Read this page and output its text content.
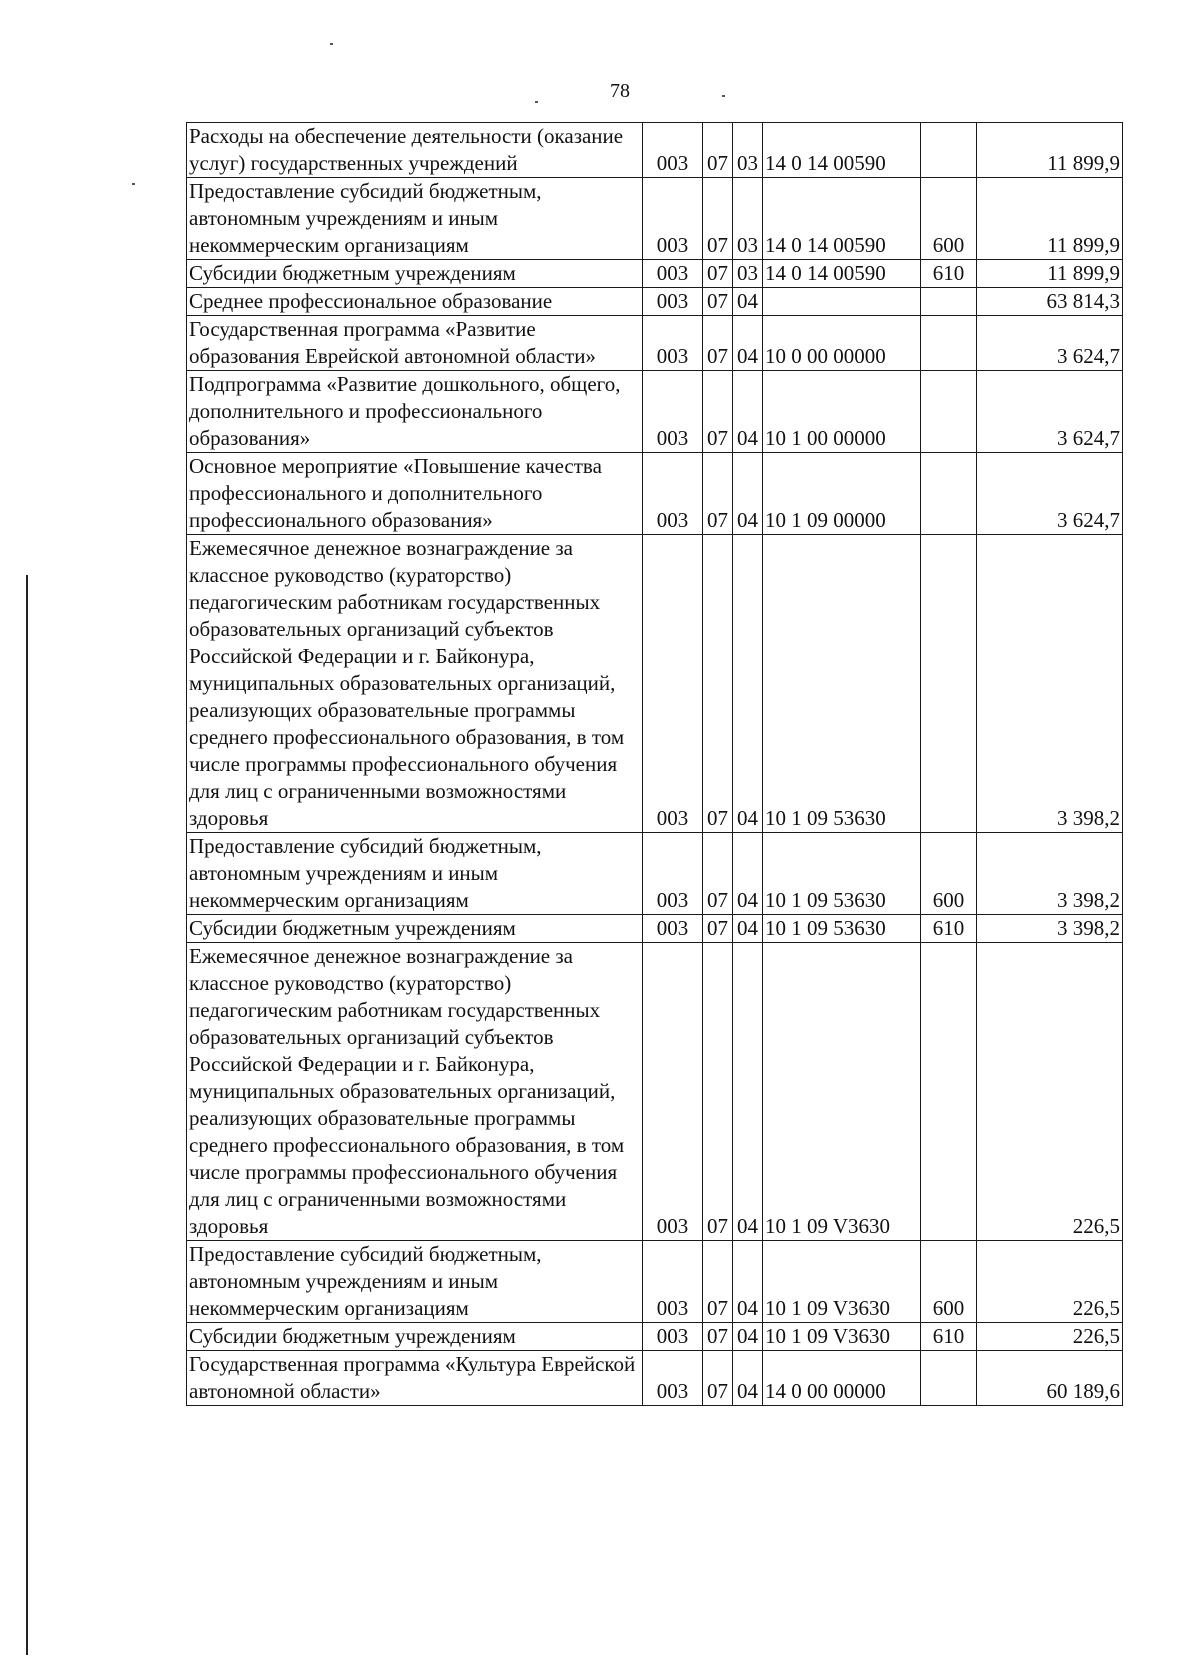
78
Расходы на обеспечение деятельности (оказание услуг) государственных учреждений	003	07	03	14 0 14 00590		11 899,9
Предоставление субсидий бюджетным, автономным учреждениям и иным некоммерческим организациям	003	07	03	14 0 14 00590	600	11 899,9
Субсидии бюджетным учреждениям	003	07	03	14 0 14 00590	610	11 899,9
Среднее профессиональное образование	003	07	04			63 814,3
Государственная программа «Развитие образования Еврейской автономной области»	003	07	04	10 0 00 00000		3 624,7
Подпрограмма «Развитие дошкольного, общего, дополнительного и профессионального образования»	003	07	04	10 1 00 00000		3 624,7
Основное мероприятие «Повышение качества профессионального и дополнительного профессионального образования»	003	07	04	10 1 09 00000		3 624,7
Ежемесячное денежное вознаграждение за классное руководство (кураторство) педагогическим работникам государственных образовательных организаций субъектов Российской Федерации и г. Байконура, муниципальных образовательных организаций, реализующих образовательные программы среднего профессионального образования, в том числе программы профессионального обучения для лиц с ограниченными возможностями здоровья	003	07	04	10 1 09 53630		3 398,2
Предоставление субсидий бюджетным, автономным учреждениям и иным некоммерческим организациям	003	07	04	10 1 09 53630	600	3 398,2
Субсидии бюджетным учреждениям	003	07	04	10 1 09 53630	610	3 398,2
Ежемесячное денежное вознаграждение за классное руководство (кураторство) педагогическим работникам государственных образовательных организаций субъектов Российской Федерации и г. Байконура, муниципальных образовательных организаций, реализующих образовательные программы среднего профессионального образования, в том числе программы профессионального обучения для лиц с ограниченными возможностями здоровья	003	07	04	10 1 09 V3630		226,5
Предоставление субсидий бюджетным, автономным учреждениям и иным некоммерческим организациям	003	07	04	10 1 09 V3630	600	226,5
Субсидии бюджетным учреждениям	003	07	04	10 1 09 V3630	610	226,5
Государственная программа «Культура Еврейской автономной области»	003	07	04	14 0 00 00000		60 189,6
